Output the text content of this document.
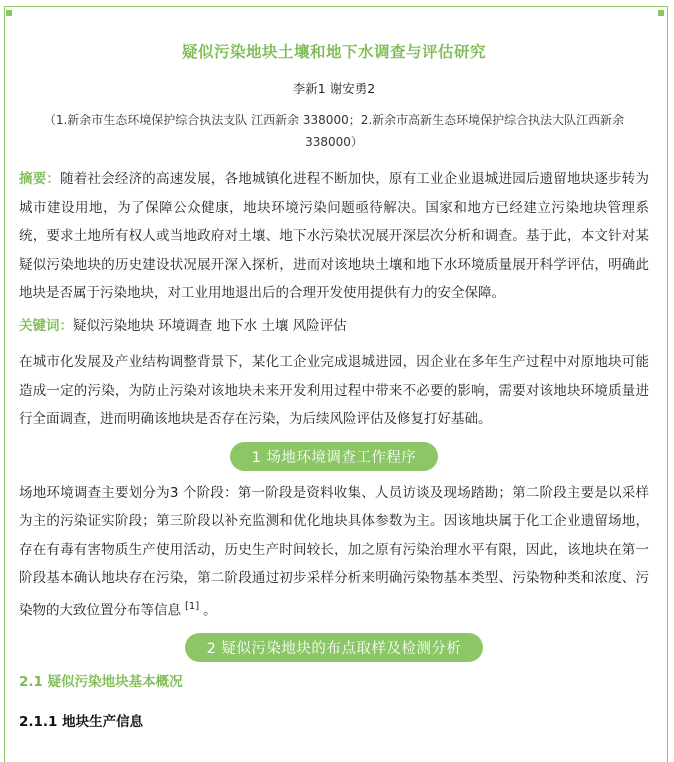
疑似污染地块土壤和地下水调查与评估研究
李新1 谢安勇2
（1.新余市生态环境保护综合执法支队 江西新余 338000；2.新余市高新生态环境保护综合执法大队江西新余 338000）

摘要：随着社会经济的高速发展，各地城镇化进程不断加快，原有工业企业退城进园后遗留地块逐步转为城市建设用地，为了保障公众健康，地块环境污染问题亟待解决。国家和地方已经建立污染地块管理系统，要求土地所有权人或当地政府对土壤、地下水污染状况展开深层次分析和调查。基于此，本文针对某疑似污染地块的历史建设状况展开深入探析，进而对该地块土壤和地下水环境质量展开科学评估，明确此地块是否属于污染地块，对工业用地退出后的合理开发使用提供有力的安全保障。

关键词：疑似污染地块 环境调查 地下水 土壤 风险评估

在城市化发展及产业结构调整背景下，某化工企业完成退城进园，因企业在多年生产过程中对原地块可能造成一定的污染，为防止污染对该地块未来开发利用过程中带来不必要的影响，需要对该地块环境质量进行全面调查，进而明确该地块是否存在污染，为后续风险评估及修复打好基础。

1 场地环境调查工作程序

场地环境调查主要划分为3 个阶段：第一阶段是资料收集、人员访谈及现场踏勘；第二阶段主要是以采样为主的污染证实阶段；第三阶段以补充监测和优化地块具体参数为主。因该地块属于化工企业遗留场地，存在有毒有害物质生产使用活动，历史生产时间较长，加之原有污染治理水平有限，因此，该地块在第一阶段基本确认地块存在污染，第二阶段通过初步采样分析来明确污染物基本类型、污染物种类和浓度、污染物的大致位置分布等信息 [1] 。

2 疑似污染地块的布点取样及检测分析
2.1 疑似污染地块基本概况
2.1.1 地块生产信息
